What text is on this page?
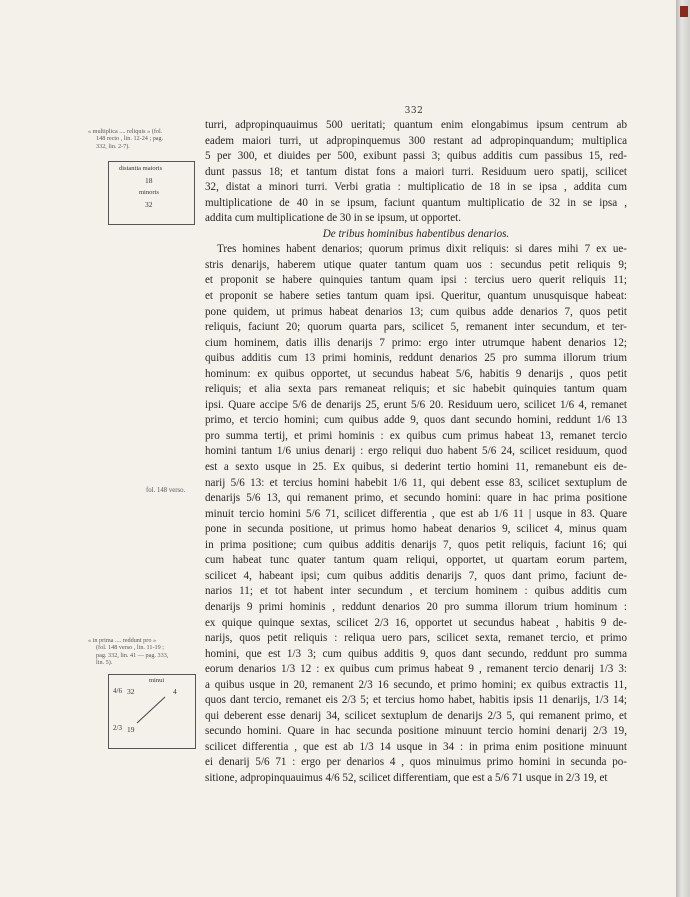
332
« multiplica .... reliquis » (fol.
148 recto , lin. 12-24 ; pag.
332, lin. 2-7).
distantia maioris
18
minoris
32
fol. 148 verso.
« in prima .... reddunt pro »
(fol. 148 verso , lin. 11-19 ;
pag. 332, lin. 41 — pag. 333,
lin. 5).
minui
4/6 32	4
2/3 19
turri, adpropinquauimus 500 ueritati; quantum enim elongabimus ipsum centrum ab
eadem maiori turri, ut adpropinquemus 300 restant ad adpropinquandum; multiplica
5 per 300, et diuides per 500, exibunt passi 3; quibus additis cum passibus 15, red-
dunt passus 18; et tantum distat fons a maiori turri. Residuum uero spatij, scilicet
32, distat a minori turri. Verbi gratia : multiplicatio de 18 in se ipsa , addita cum
multiplicatione de 40 in se ipsum, faciunt quantum multiplicatio de 32 in se ipsa ,
addita cum multiplicatione de 30 in se ipsum, ut opportet.
De tribus hominibus habentibus denarios.
Tres homines habent denarios; quorum primus dixit reliquis: si dares mihi 7 ex ue-
stris denarijs, haberem utique quater tantum quam uos : secundus petit reliquis 9;
et proponit se habere quinquies tantum quam ipsi : tercius uero querit reliquis 11;
et proponit se habere seties tantum quam ipsi. Queritur, quantum unusquisque habeat:
pone quidem, ut primus habeat denarios 13; cum quibus adde denarios 7, quos petit
reliquis, faciunt 20; quorum quarta pars, scilicet 5, remanent inter secundum, et ter-
cium hominem, datis illis denarijs 7 primo: ergo inter utrumque habent denarios 12;
quibus additis cum 13 primi hominis, reddunt denarios 25 pro summa illorum trium
hominum: ex quibus opportet, ut secundus habeat 5/6, habitis 9 denarijs , quos petit
reliquis; et alia sexta pars remaneat reliquis; et sic habebit quinquies tantum quam
ipsi. Quare accipe 5/6 de denarijs 25, erunt 5/6 20. Residuum uero, scilicet 1/6 4, remanet
primo, et tercio homini; cum quibus adde 9, quos dant secundo homini, reddunt 1/6 13
pro summa tertij, et primi hominis : ex quibus cum primus habeat 13, remanet tercio
homini tantum 1/6 unius denarij : ergo reliqui duo habent 5/6 24, scilicet residuum, quod
est a sexto usque in 25. Ex quibus, si dederint tertio homini 11, remanebunt eis de-
narij 5/6 13: et tercius homini habebit 1/6 11, qui debent esse 83, scilicet sextuplum de
denarijs 5/6 13, qui remanent primo, et secundo homini: quare in hac prima positione
minuit tercio homini 5/6 71, scilicet differentia , que est ab 1/6 11 | usque in 83. Quare
pone in secunda positione, ut primus homo habeat denarios 9, scilicet 4, minus quam
in prima positione; cum quibus additis denarijs 7, quos petit reliquis, faciunt 16; qui
cum habeat tunc quater tantum quam reliqui, opportet, ut quartam eorum partem,
scilicet 4, habeant ipsi; cum quibus additis denarijs 7, quos dant primo, faciunt de-
narios 11; et tot habent inter secundum , et tercium hominem : quibus additis cum
denarijs 9 primi hominis , reddunt denarios 20 pro summa illorum trium hominum :
ex quique quinque sextas, scilicet 2/3 16, opportet ut secundus habeat , habitis 9 de-
narijs, quos petit reliquis : reliqua uero pars, scilicet sexta, remanet tercio, et primo
homini, que est 1/3 3; cum quibus additis 9, quos dant secundo, reddunt pro summa
eorum denarios 1/3 12 : ex quibus cum primus habeat 9 , remanent tercio denarij 1/3 3:
a quibus usque in 20, remanent 2/3 16 secundo, et primo homini; ex quibus extractis 11,
quos dant tercio, remanet eis 2/3 5; et tercius homo habet, habitis ipsis 11 denarijs, 1/3 14;
qui deberent esse denarij 34, scilicet sextuplum de denarijs 2/3 5, qui remanent primo, et
secundo homini. Quare in hac secunda positione minuunt tercio homini denarij 2/3 19,
scilicet differentia , que est ab 1/3 14 usque in 34 : in prima enim positione minuunt
ei denarij 5/6 71 : ergo per denarios 4 , quos minuimus primo homini in secunda po-
sitione, adpropinquauimus 4/6 52, scilicet differentiam, que est a 5/6 71 usque in 2/3 19, et
